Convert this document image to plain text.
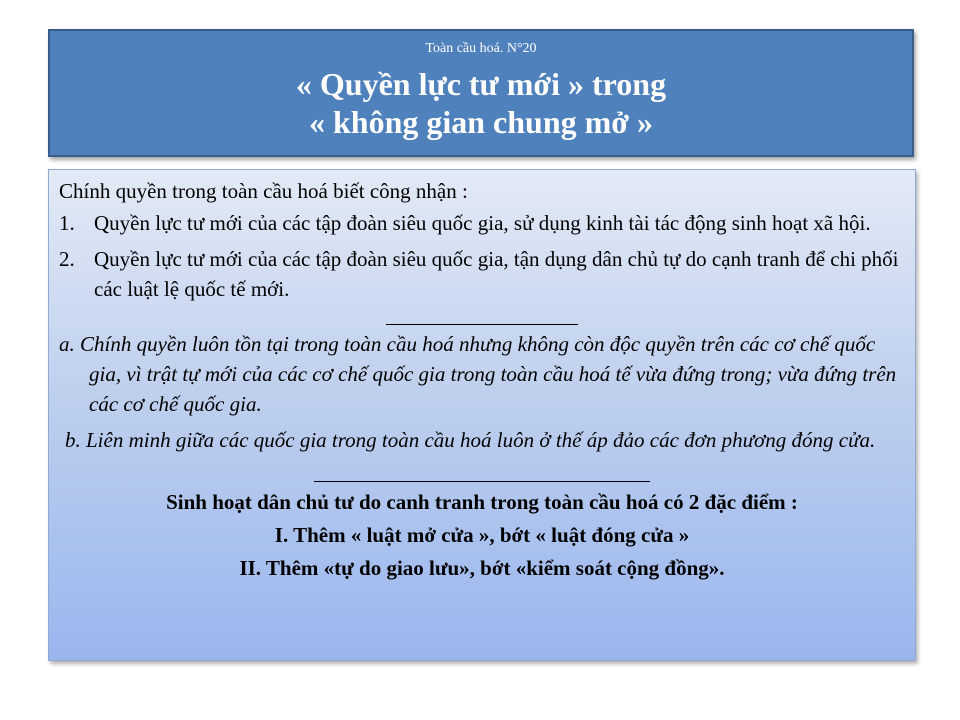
Toàn cầu hoá. N°20
« Quyền lực tư mới » trong
« không gian chung mở »

Chính quyền trong toàn cầu hoá biết công nhận :

1. Quyền lực tư mới của các tập đoàn siêu quốc gia, sử dụng kinh tài tác động sinh hoạt xã hội.

2. Quyền lực tư mới của các tập đoàn siêu quốc gia, tận dụng dân chủ tự do cạnh tranh để chi phối các luật lệ quốc tế mới.

a. Chính quyền luôn tồn tại trong toàn cầu hoá nhưng không còn độc quyền trên các cơ chế quốc gia, vì trật tự mới của các cơ chế quốc gia trong toàn cầu hoá tế vừa đứng trong; vừa đứng trên các cơ chế quốc gia.

b. Liên minh giữa các quốc gia trong toàn cầu hoá luôn ở thế áp đảo các đơn phương đóng cửa.

Sinh hoạt dân chủ tư do canh tranh trong toàn cầu hoá có 2 đặc điểm :

I. Thêm « luật mở cửa », bớt « luật đóng cửa »

II. Thêm «tự do giao lưu», bớt «kiểm soát cộng đồng».
